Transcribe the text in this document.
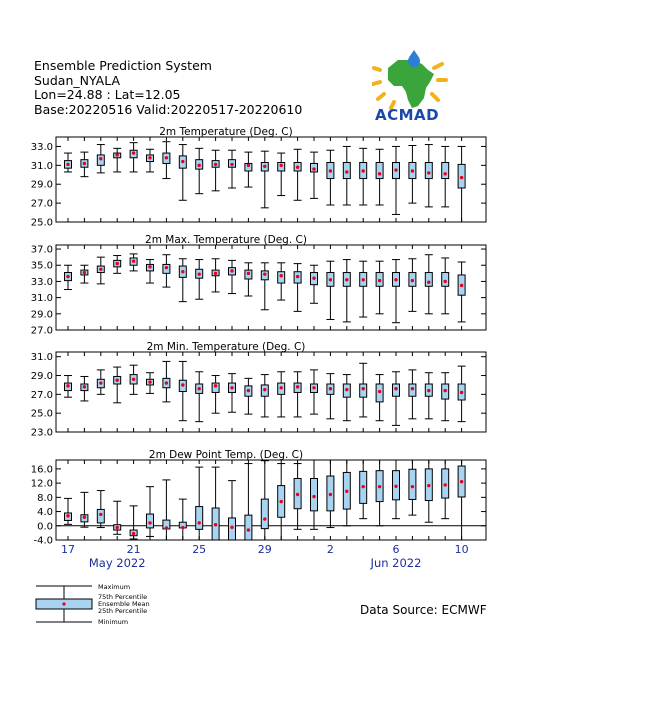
Ensemble Prediction System
Sudan_NYALA
Lon=24.88 : Lat=12.05
Base:20220516 Valid:20220517-20220610	ACMAD
2m Temperature (Deg. C)
25.0
27.0
29.0
31.0
33.0
2m Max. Temperature (Deg. C)
27.0
29.0
31.0
33.0
35.0
37.0
2m Min. Temperature (Deg. C)
23.0
25.0
27.0
29.0
31.0
2m Dew Point Temp. (Deg. C)
-4.0
0.0
4.0
8.0
12.0
16.0
17	21	25	29	2	6	10
May 2022	Jun 2022
Maximum
75th Percentile
Ensemble Mean
25th Percentile
Minimum
Data Source: ECMWF
